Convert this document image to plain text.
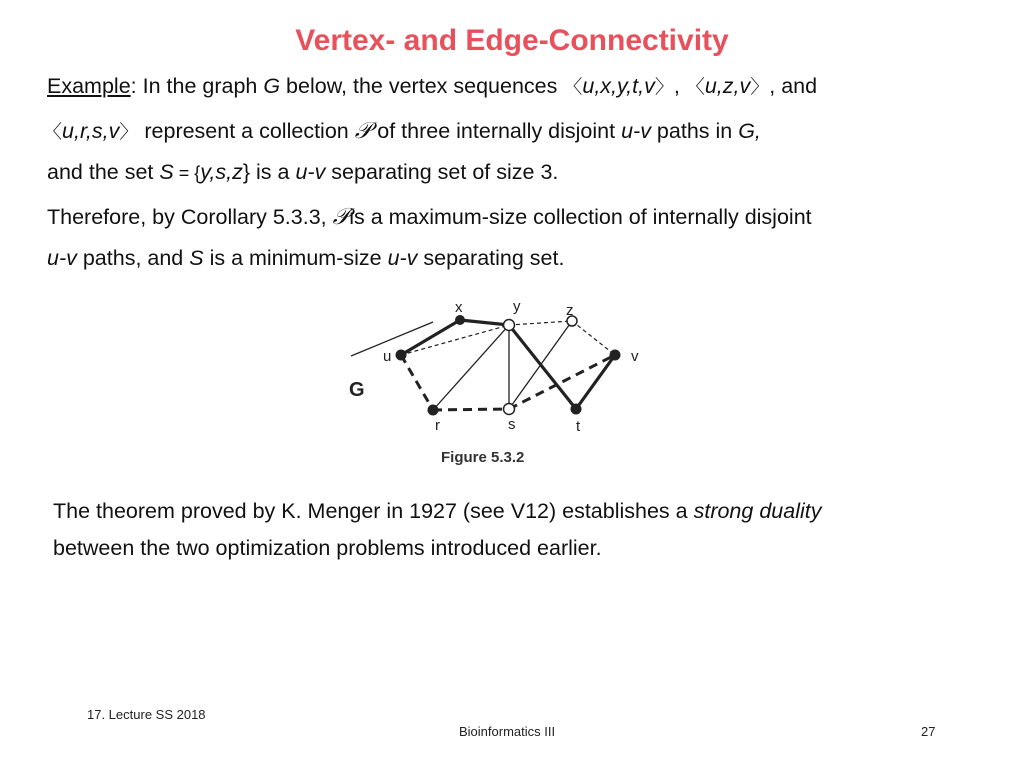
Vertex- and Edge-Connectivity
Example: In the graph G below, the vertex sequences 〈u,x,y,t,v〉, 〈u,z,v〉, and
〈u,r,s,v〉 represent a collection 𝒫 of three internally disjoint u-v paths in G,
and the set S = {y,s,z} is a u-v separating set of size 3.
Therefore, by Corollary 5.3.3, 𝒫is a maximum-size collection of internally disjoint
u-v paths, and S is a minimum-size u-v separating set.
x	y	z
u	v
r	s	t
G
Figure 5.3.2
The theorem proved by K. Menger in 1927 (see V12) establishes a strong duality
between the two optimization problems introduced earlier.
17. Lecture SS 2018
Bioinformatics III	27
